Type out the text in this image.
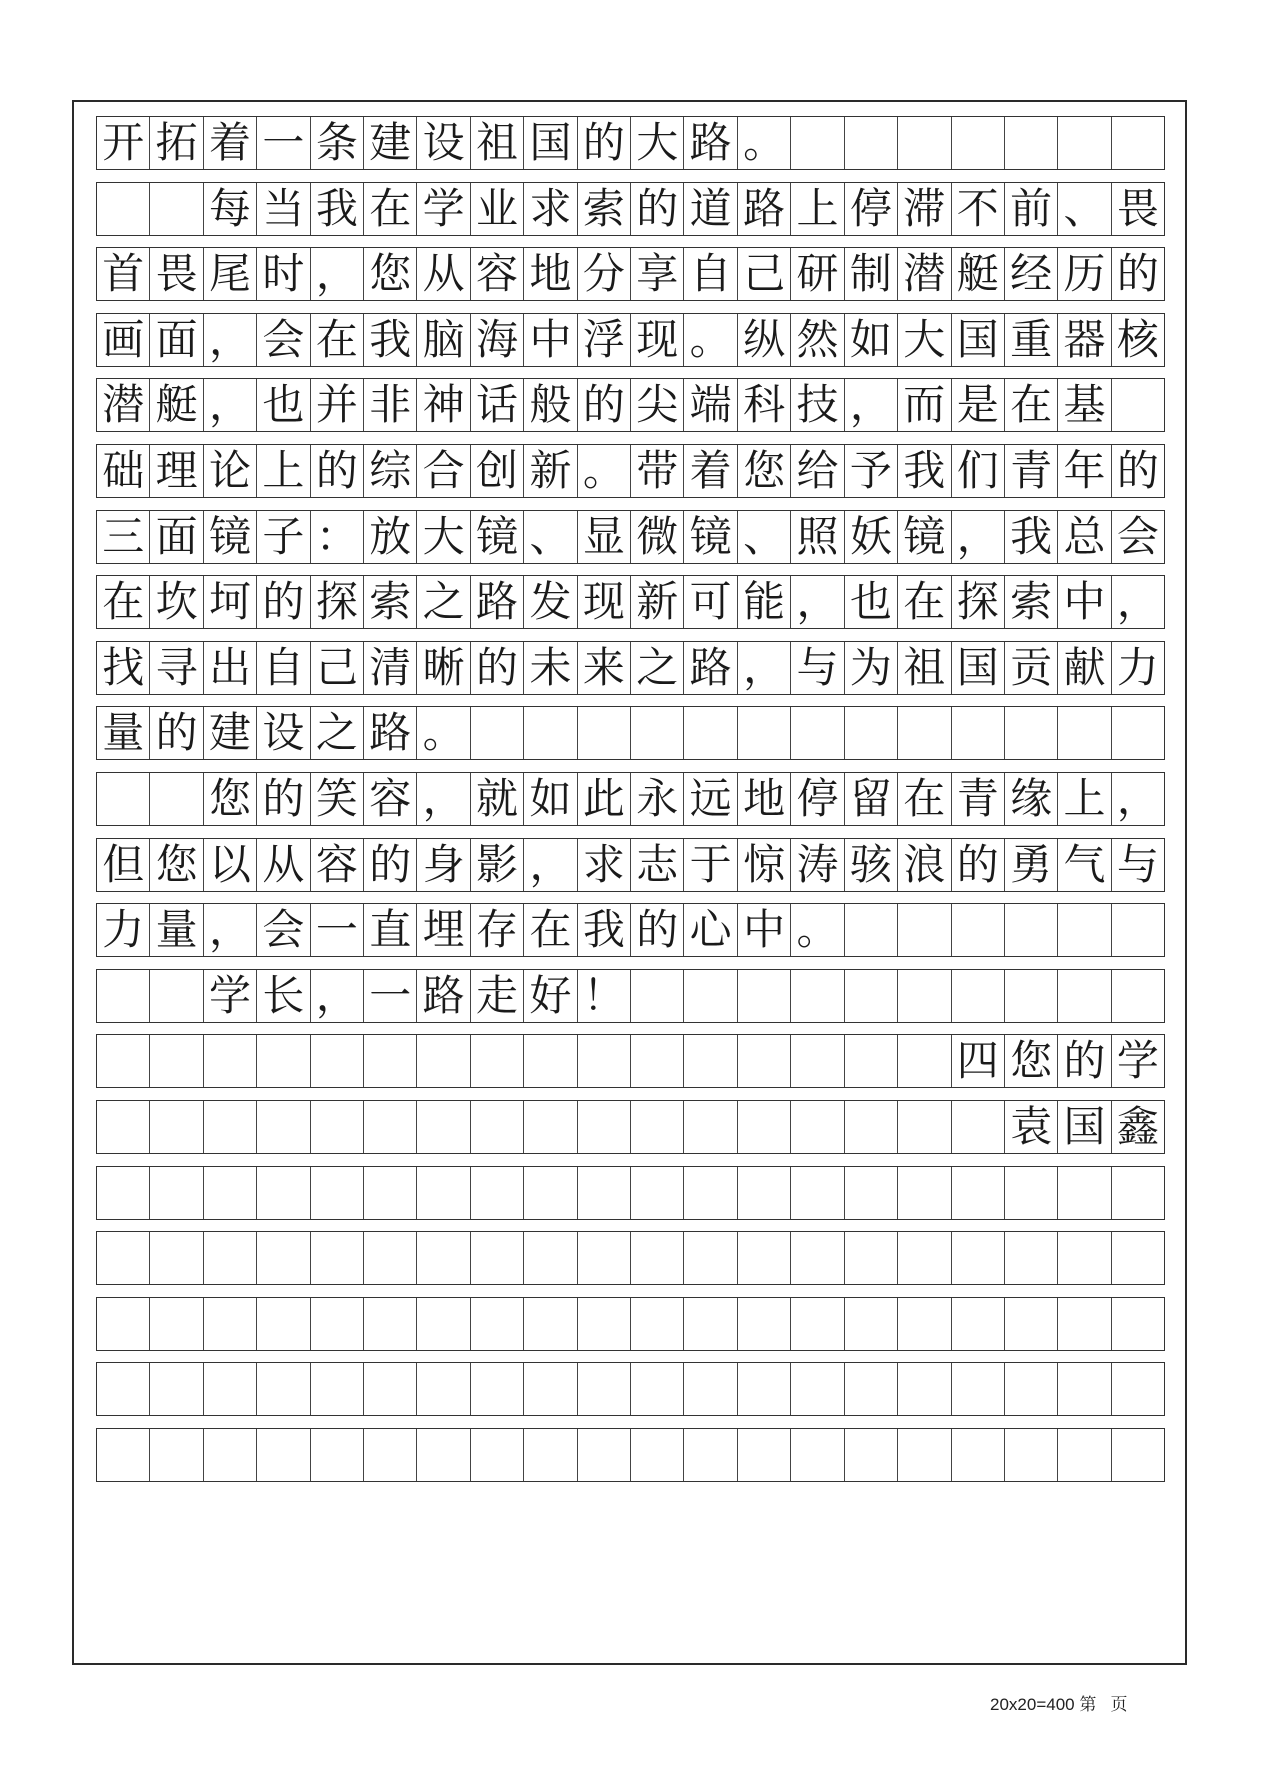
开 拓 着 一 条 建 设 祖 国 的 大 路 。
每 当 我 在 学 业 求 索 的 道 路 上 停 滞 不 前 、 畏
首 畏 尾 时 ， 您 从 容 地 分 享 自 己 研 制 潜 艇 经 历 的
画 面 ， 会 在 我 脑 海 中 浮 现 。 纵 然 如 大 国 重 器 核
潜 艇 ， 也 并 非 神 话 般 的 尖 端 科 技 ， 而 是 在 基
础 理 论 上 的 综 合 创 新 。 带 着 您 给 予 我 们 青 年 的
三 面 镜 子 ： 放 大 镜 、 显 微 镜 、 照 妖 镜 ， 我 总 会
在 坎 坷 的 探 索 之 路 发 现 新 可 能 ， 也 在 探 索 中 ，
找 寻 出 自 己 清 晰 的 未 来 之 路 ， 与 为 祖 国 贡 献 力
量 的 建 设 之 路 。
您 的 笑 容 ， 就 如 此 永 远 地 停 留 在 青 缘 上 ，
但 您 以 从 容 的 身 影 ， 求 志 于 惊 涛 骇 浪 的 勇 气 与
力 量 ， 会 一 直 埋 存 在 我 的 心 中 。
学 长 ， 一 路 走 好 ！
四 您 的 学
袁 国 鑫
20x20=400 第   页
